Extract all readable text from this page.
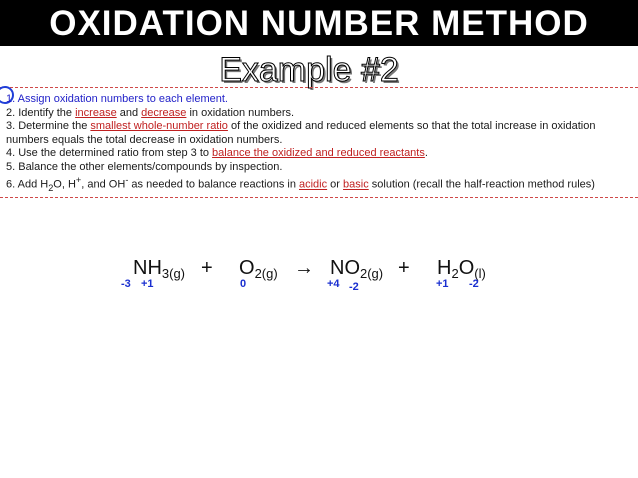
OXIDATION NUMBER METHOD
Example #2

1. Assign oxidation numbers to each element.

2. Identify the increase and decrease in oxidation numbers.

3. Determine the smallest whole-number ratio of the oxidized and reduced elements so that the total increase in oxidation numbers equals the total decrease in oxidation numbers.

4. Use the determined ratio from step 3 to balance the oxidized and reduced reactants.

5. Balance the other elements/compounds by inspection.

6. Add $H_2O$, H+, and OH- as needed to balance reactions in acidic or basic solution (recall the half-reaction method rules)

$NH_{3(g)} + O_{2(g)} \to NO_{2(g)} + H_2O_{(l)}$
-3 +1	0	+4 -2	+1 -2
